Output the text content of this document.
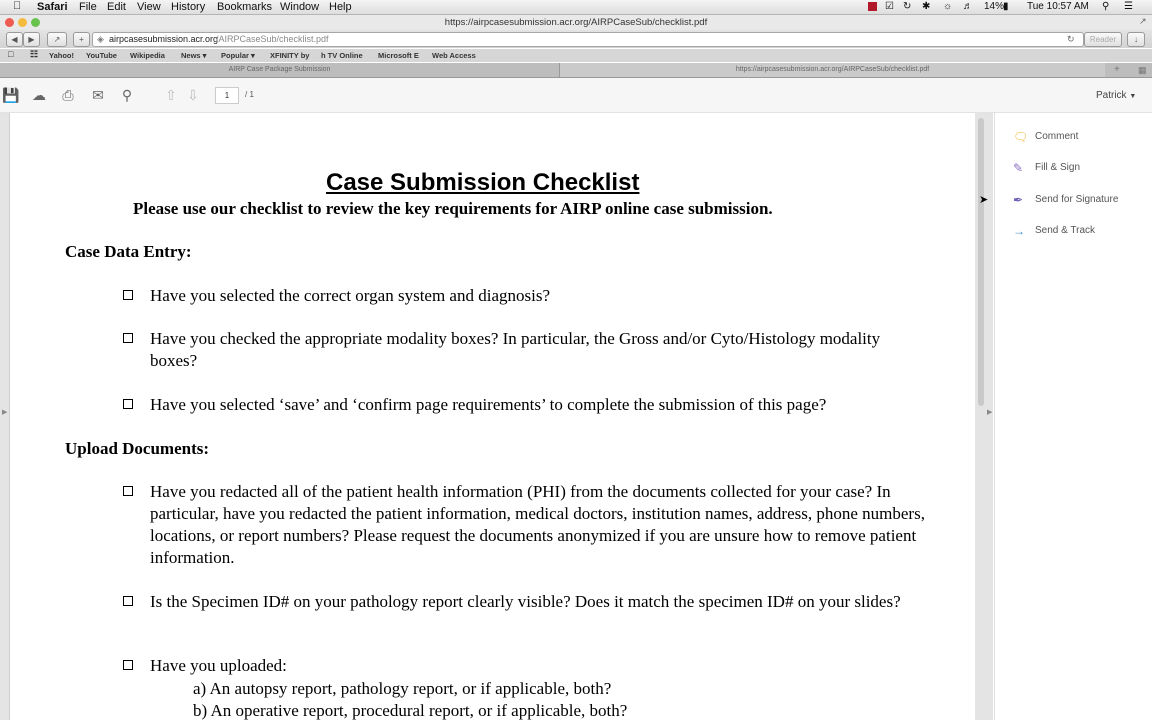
Safari File Edit View History Bookmarks Window Help	☑ ↻ ✱ ☼ ♬ 14%
▮ Tue 10:57 AM ⚲ ☰
https://airpcasesubmission.acr.org/AIRPCaseSub/checklist.pdf	↗
◀	▶	↗	+	◈ airpcasesubmission.acr.org
/AIRPCaseSub/checklist.pdf	↻	Reader	↓
□ ☷ Yahoo! YouTube Wikipedia News ▾ Popular ▾ XFINITY by h TV Online Microsoft E Web Access
AIRP Case Package Submission	https://airpcasesubmission.acr.org/AIRPCaseSub/checklist.pdf	+ ▦
💾 ☁ ⎙ ✉ ⚲ ⇧ ⇩	1	/ 1	Patrick ▼
▶	▶
Case Submission Checklist
Please use our checklist to review the key requirements for AIRP online case submission.
Case Data Entry:
Have you selected the correct organ system and diagnosis?
Have you checked the appropriate modality boxes? In particular, the Gross and/or Cyto/Histology modality boxes?
Have you selected ‘save’ and ‘confirm page requirements’ to complete the submission of this page?
Upload Documents:
Have you redacted all of the patient health information (PHI) from the documents collected for your case? In particular, have you redacted the patient information, medical doctors, institution names, address, phone numbers, locations, or report numbers? Please request the documents anonymized if you are unsure how to remove patient information.
Is the Specimen ID# on your pathology report clearly visible? Does it match the specimen ID# on your slides?
Have you uploaded:
a) An autopsy report, pathology report, or if applicable, both?
b) An operative report, procedural report, or if applicable, both?
🗨 Comment
✎	Fill & Sign
✒	Send for Signature
→	Send & Track
➤
